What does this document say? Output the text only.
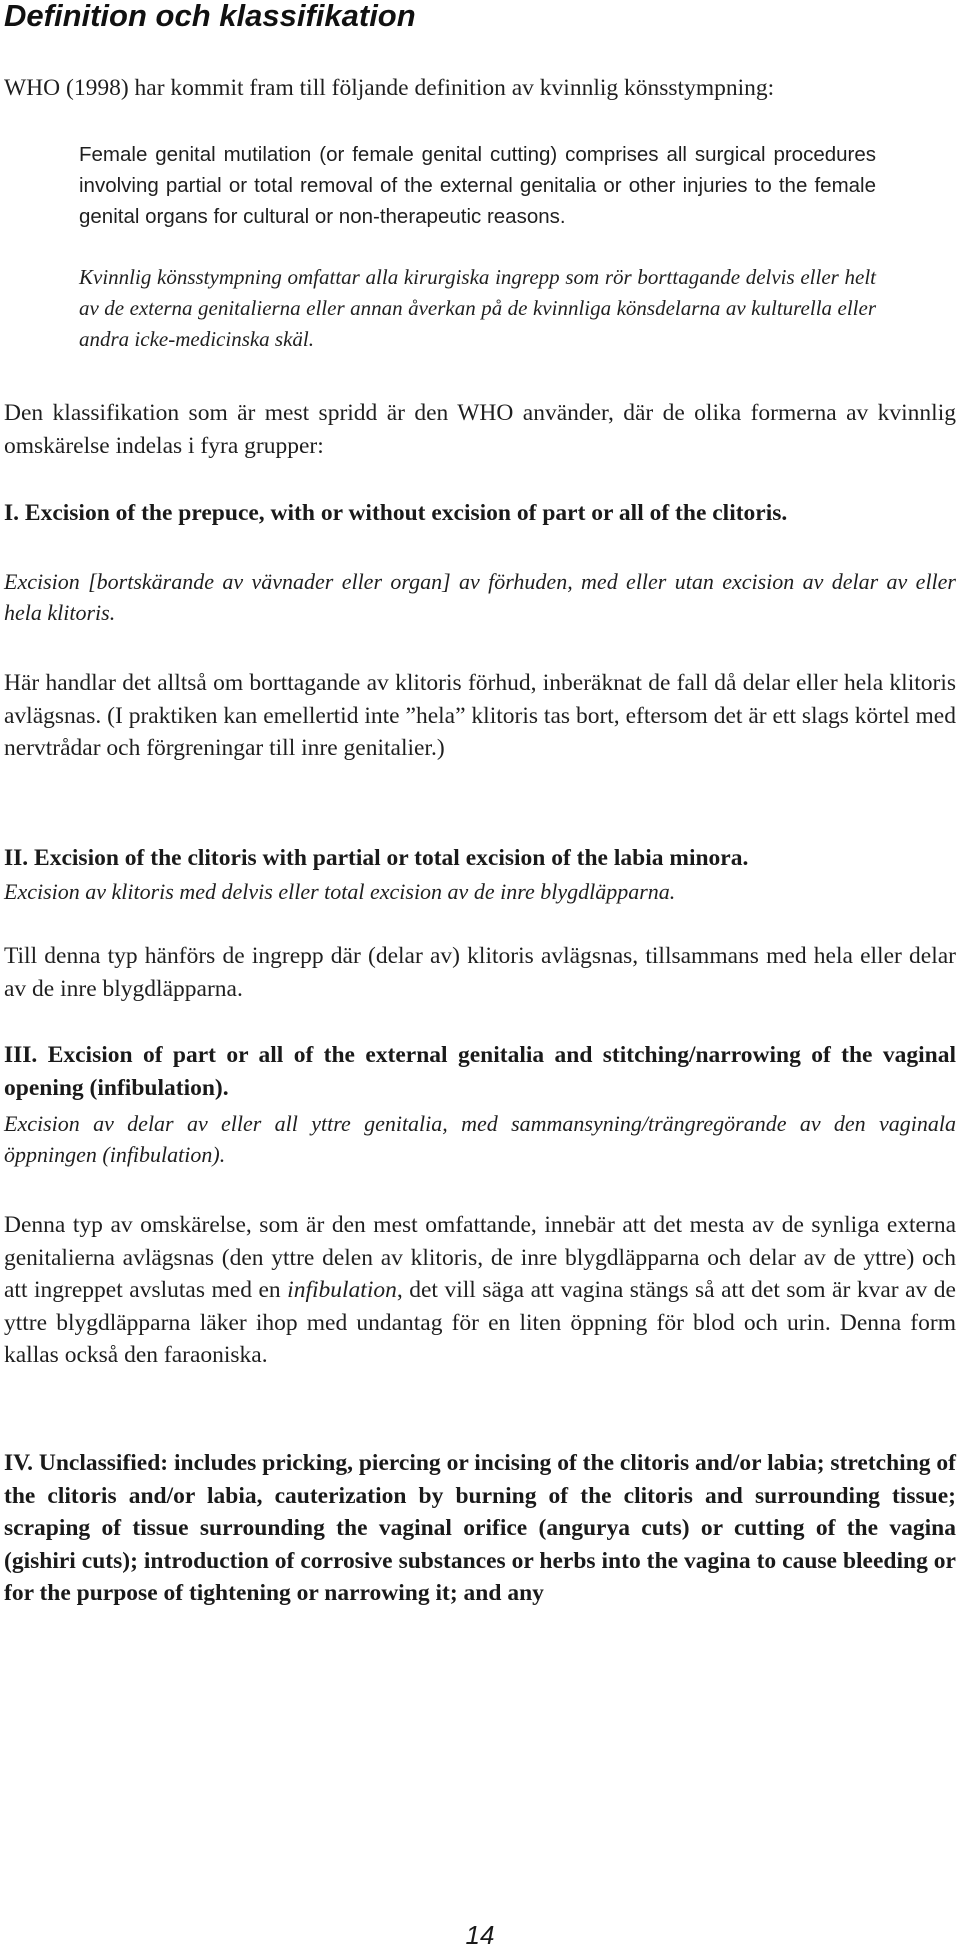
Definition och klassifikation

WHO (1998) har kommit fram till följande definition av kvinnlig könsstympning:

Female genital mutilation (or female genital cutting) comprises all surgical procedures involving partial or total removal of the external genitalia or other injuries to the female genital organs for cultural or non-therapeutic reasons.

Kvinnlig könsstympning omfattar alla kirurgiska ingrepp som rör borttagande delvis eller helt av de externa genitalierna eller annan åverkan på de kvinnliga könsdelarna av kulturella eller andra icke-medicinska skäl.

Den klassifikation som är mest spridd är den WHO använder, där de olika formerna av kvinnlig omskärelse indelas i fyra grupper:

I. Excision of the prepuce, with or without excision of part or all of the clitoris.

Excision [bortskärande av vävnader eller organ] av förhuden, med eller utan excision av delar av eller hela klitoris.

Här handlar det alltså om borttagande av klitoris förhud, inberäknat de fall då delar eller hela klitoris avlägsnas. (I praktiken kan emellertid inte ”hela” klitoris tas bort, eftersom det är ett slags körtel med nervtrådar och förgreningar till inre genitalier.)

II. Excision of the clitoris with partial or total excision of the labia minora.

Excision av klitoris med delvis eller total excision av de inre blygdläpparna.

Till denna typ hänförs de ingrepp där (delar av) klitoris avlägsnas, tillsammans med hela eller delar av de inre blygdläpparna.

III. Excision of part or all of the external genitalia and stitching/narrowing of the vaginal opening (infibulation).

Excision av delar av eller all yttre genitalia, med sammansyning/trängregörande av den vaginala öppningen (infibulation).

Denna typ av omskärelse, som är den mest omfattande, innebär att det mesta av de synliga externa genitalierna avlägsnas (den yttre delen av klitoris, de inre blygdläpparna och delar av de yttre) och att ingreppet avslutas med en infibulation, det vill säga att vagina stängs så att det som är kvar av de yttre blygdläpparna läker ihop med undantag för en liten öppning för blod och urin. Denna form kallas också den faraoniska.

IV. Unclassified: includes pricking, piercing or incising of the clitoris and/or labia; stretching of the clitoris and/or labia, cauterization by burning of the clitoris and surrounding tissue; scraping of tissue surrounding the vaginal orifice (angurya cuts) or cutting of the vagina (gishiri cuts); introduction of corrosive substances or herbs into the vagina to cause bleeding or for the purpose of tightening or narrowing it; and any

14
